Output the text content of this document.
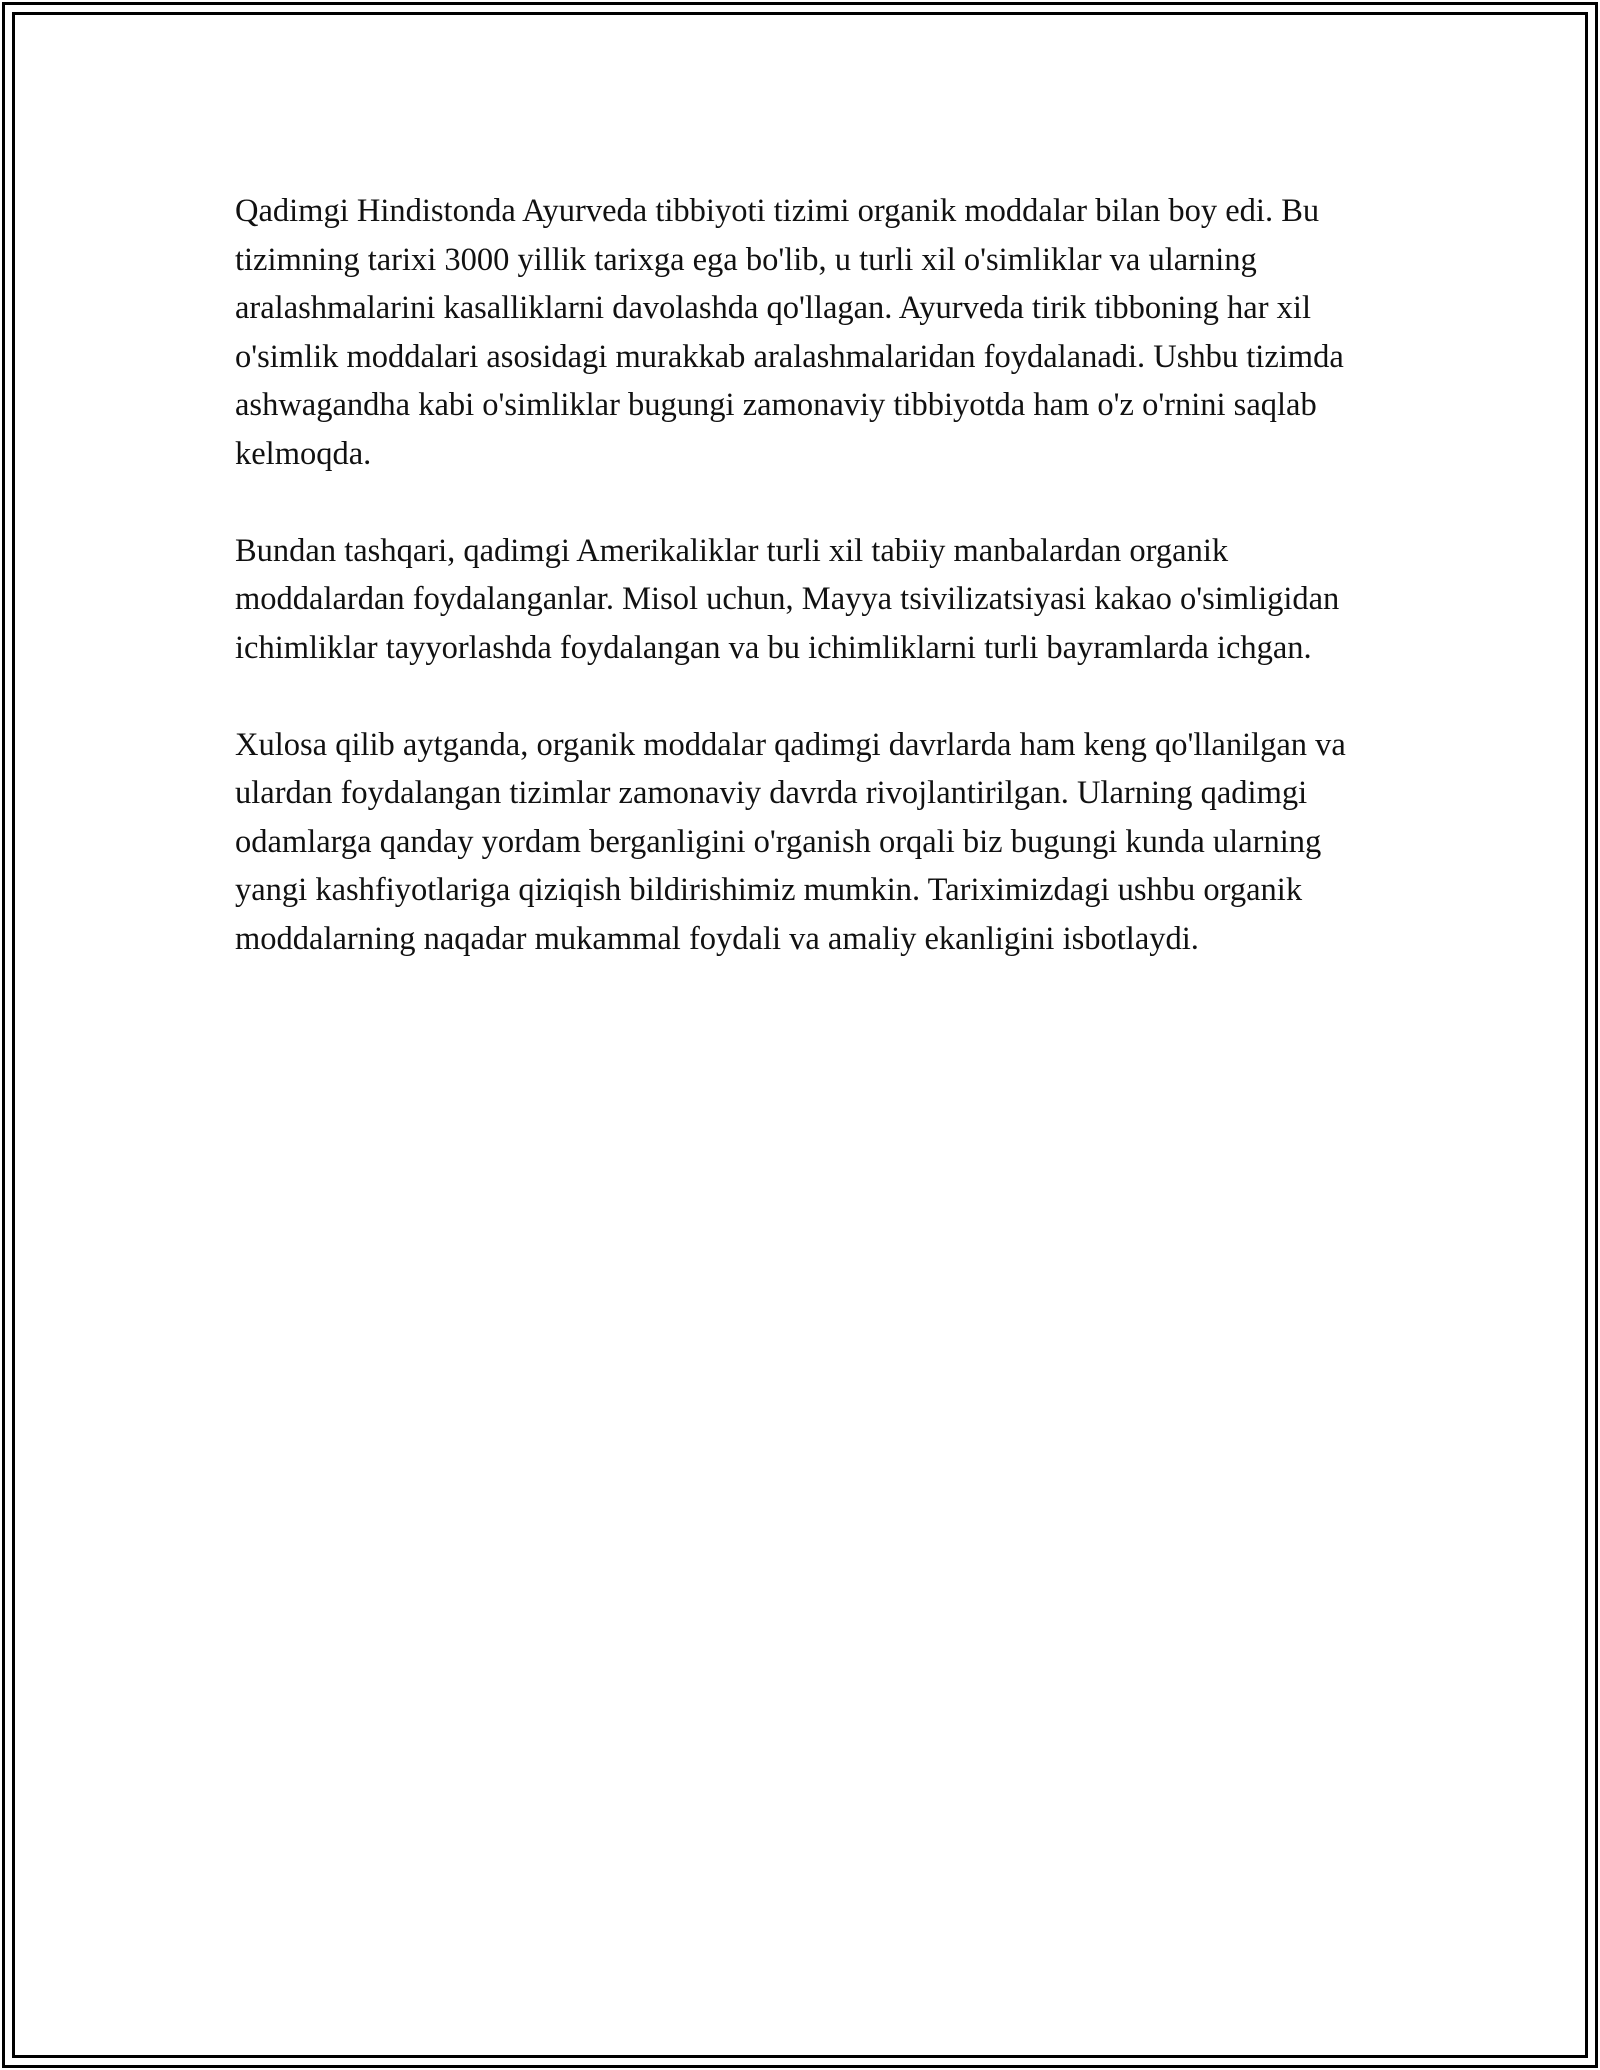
Qadimgi Hindistonda Ayurveda tibbiyoti tizimi organik moddalar bilan boy edi. Bu tizimning tarixi 3000 yillik tarixga ega bo'lib, u turli xil o'simliklar va ularning aralashmalarini kasalliklarni davolashda qo'llagan. Ayurveda tirik tibboning har xil o'simlik moddalari asosidagi murakkab aralashmalaridan foydalanadi. Ushbu tizimda ashwagandha kabi o'simliklar bugungi zamonaviy tibbiyotda ham o'z o'rnini saqlab kelmoqda.

Bundan tashqari, qadimgi Amerikaliklar turli xil tabiiy manbalardan organik moddalardan foydalanganlar. Misol uchun, Mayya tsivilizatsiyasi kakao o'simligidan ichimliklar tayyorlashda foydalangan va bu ichimliklarni turli bayramlarda ichgan.

Xulosa qilib aytganda, organik moddalar qadimgi davrlarda ham keng qo'llanilgan va ulardan foydalangan tizimlar zamonaviy davrda rivojlantirilgan. Ularning qadimgi odamlarga qanday yordam berganligini o'rganish orqali biz bugungi kunda ularning yangi kashfiyotlariga qiziqish bildirishimiz mumkin. Tariximizdagi ushbu organik moddalarning naqadar mukammal foydali va amaliy ekanligini isbotlaydi.
